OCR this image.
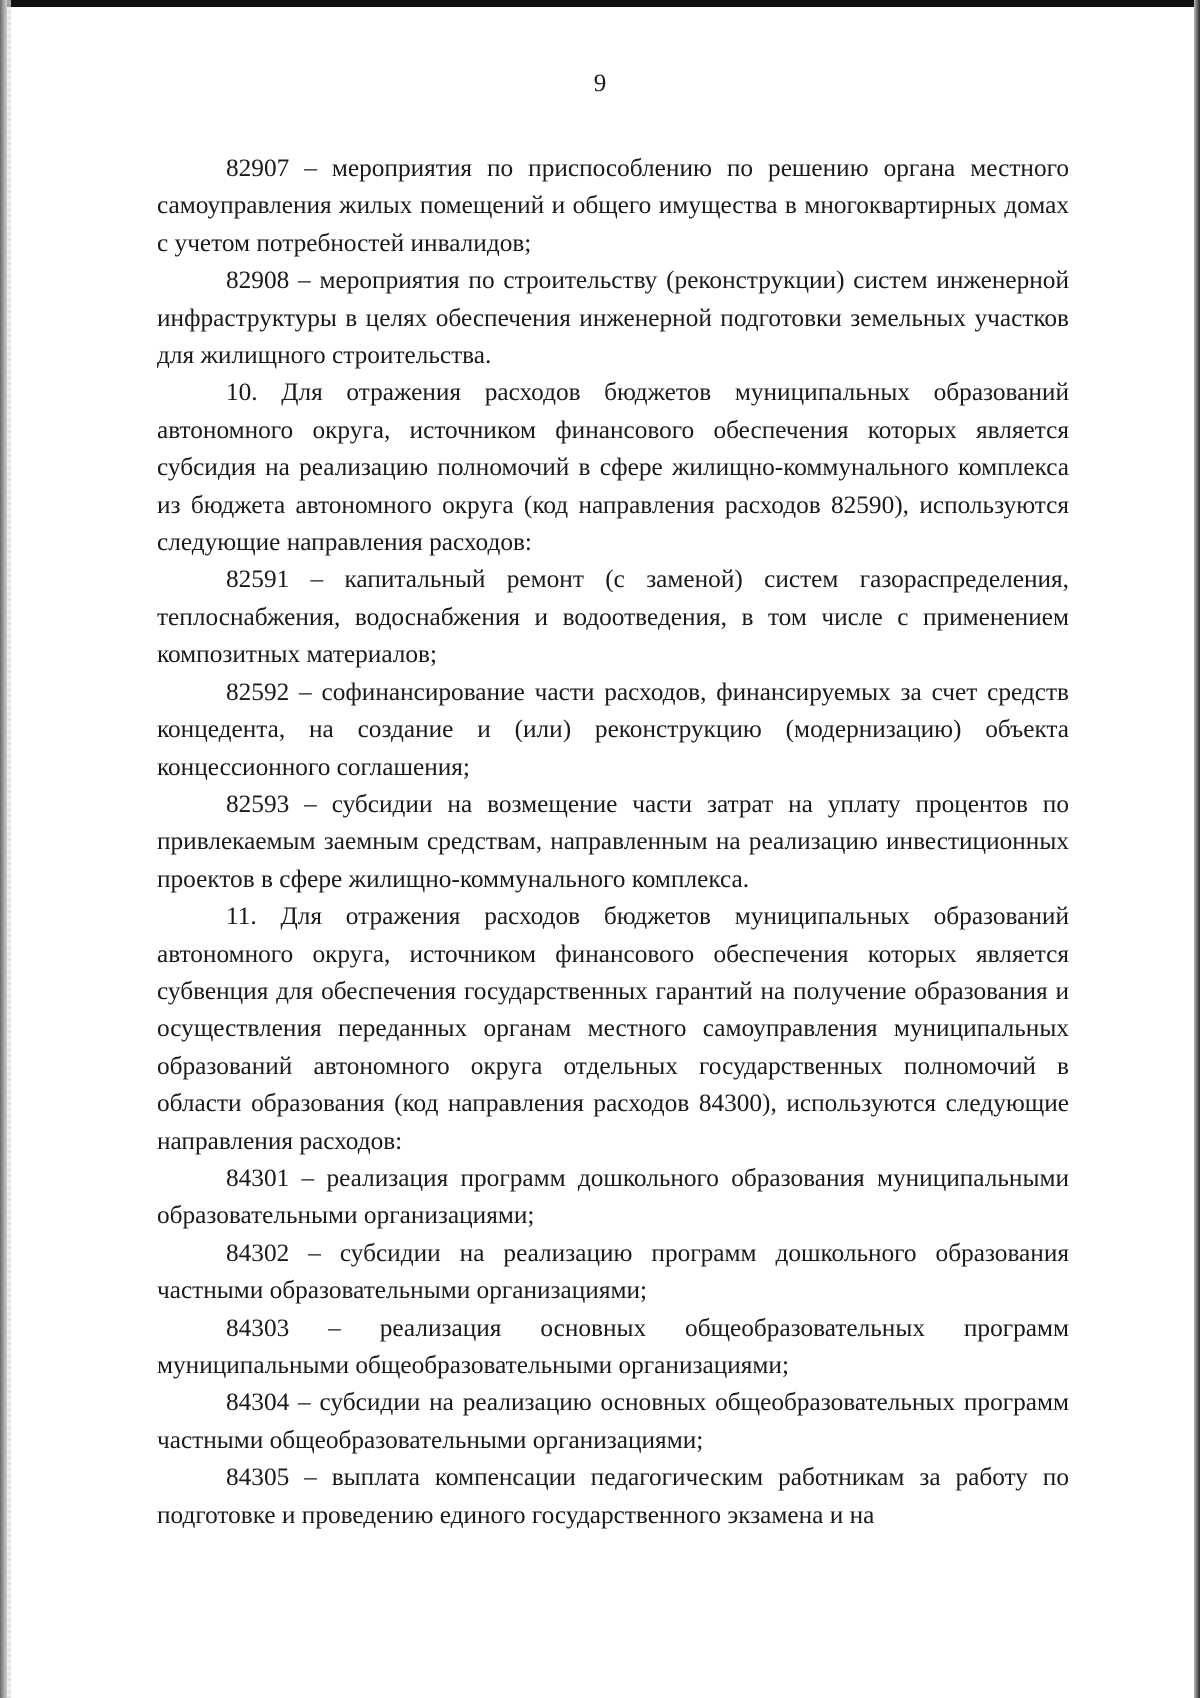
9

82907 – мероприятия по приспособлению по решению органа местного самоуправления жилых помещений и общего имущества в многоквартирных домах с учетом потребностей инвалидов;

82908 – мероприятия по строительству (реконструкции) систем инженерной инфраструктуры в целях обеспечения инженерной подготовки земельных участков для жилищного строительства.

10. Для отражения расходов бюджетов муниципальных образований автономного округа, источником финансового обеспечения которых является субсидия на реализацию полномочий в сфере жилищно-коммунального комплекса из бюджета автономного округа (код направления расходов 82590), используются следующие направления расходов:

82591 – капитальный ремонт (с заменой) систем газораспределения, теплоснабжения, водоснабжения и водоотведения, в том числе с применением композитных материалов;

82592 – софинансирование части расходов, финансируемых за счет средств концедента, на создание и (или) реконструкцию (модернизацию) объекта концессионного соглашения;

82593 – субсидии на возмещение части затрат на уплату процентов по привлекаемым заемным средствам, направленным на реализацию инвестиционных проектов в сфере жилищно-коммунального комплекса.

11. Для отражения расходов бюджетов муниципальных образований автономного округа, источником финансового обеспечения которых является субвенция для обеспечения государственных гарантий на получение образования и осуществления переданных органам местного самоуправления муниципальных образований автономного округа отдельных государственных полномочий в области образования (код направления расходов 84300), используются следующие направления расходов:

84301 – реализация программ дошкольного образования муниципальными образовательными организациями;

84302 – субсидии на реализацию программ дошкольного образования частными образовательными организациями;

84303 – реализация основных общеобразовательных программ муниципальными общеобразовательными организациями;

84304 – субсидии на реализацию основных общеобразовательных программ частными общеобразовательными организациями;

84305 – выплата компенсации педагогическим работникам за работу по подготовке и проведению единого государственного экзамена и на
